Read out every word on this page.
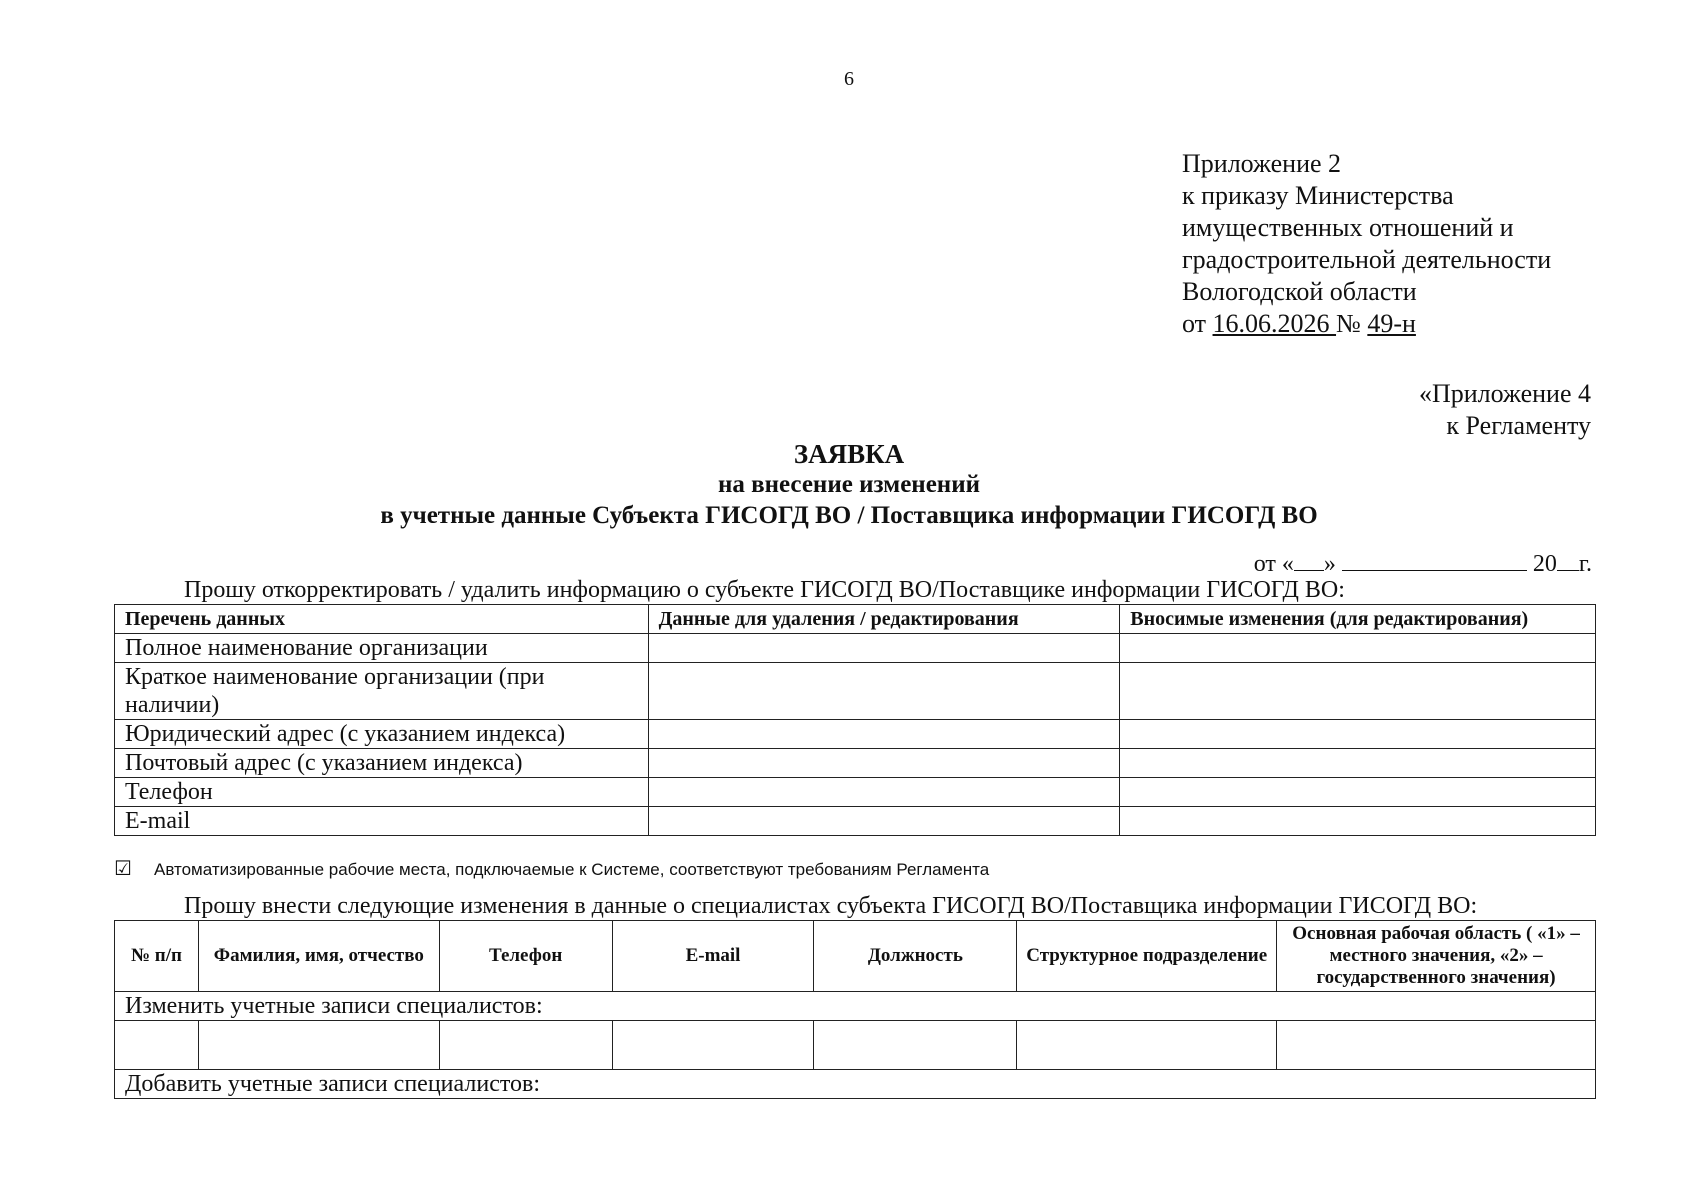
6
Приложение 2
к приказу Министерства
имущественных отношений и
градостроительной деятельности
Вологодской области
от 16.06.2026 № 49-н
«Приложение 4
к Регламенту
ЗАЯВКА
на внесение изменений
в учетные данные Субъекта ГИСОГД ВО / Поставщика информации ГИСОГД ВО
от « »	20 г.
Прошу откорректировать / удалить информацию о субъекте ГИСОГД ВО/Поставщике информации ГИСОГД ВО:
Перечень данных	Данные для удаления / редактирования	Вносимые изменения (для редактирования)
Полное наименование организации		
Краткое наименование организации (при наличии)		
Юридический адрес (с указанием индекса)		
Почтовый адрес (с указанием индекса)		
Телефон		
E-mail		
☑ Автоматизированные рабочие места, подключаемые к Системе, соответствуют требованиям Регламента
Прошу внести следующие изменения в данные о специалистах субъекта ГИСОГД ВО/Поставщика информации ГИСОГД ВО:
№ п/п	Фамилия, имя, отчество	Телефон	E-mail	Должность	Структурное подразделение	Основная рабочая область ( «1» – местного значения, «2» – государственного значения)
Изменить учетные записи специалистов:						

Добавить учетные записи специалистов:						
